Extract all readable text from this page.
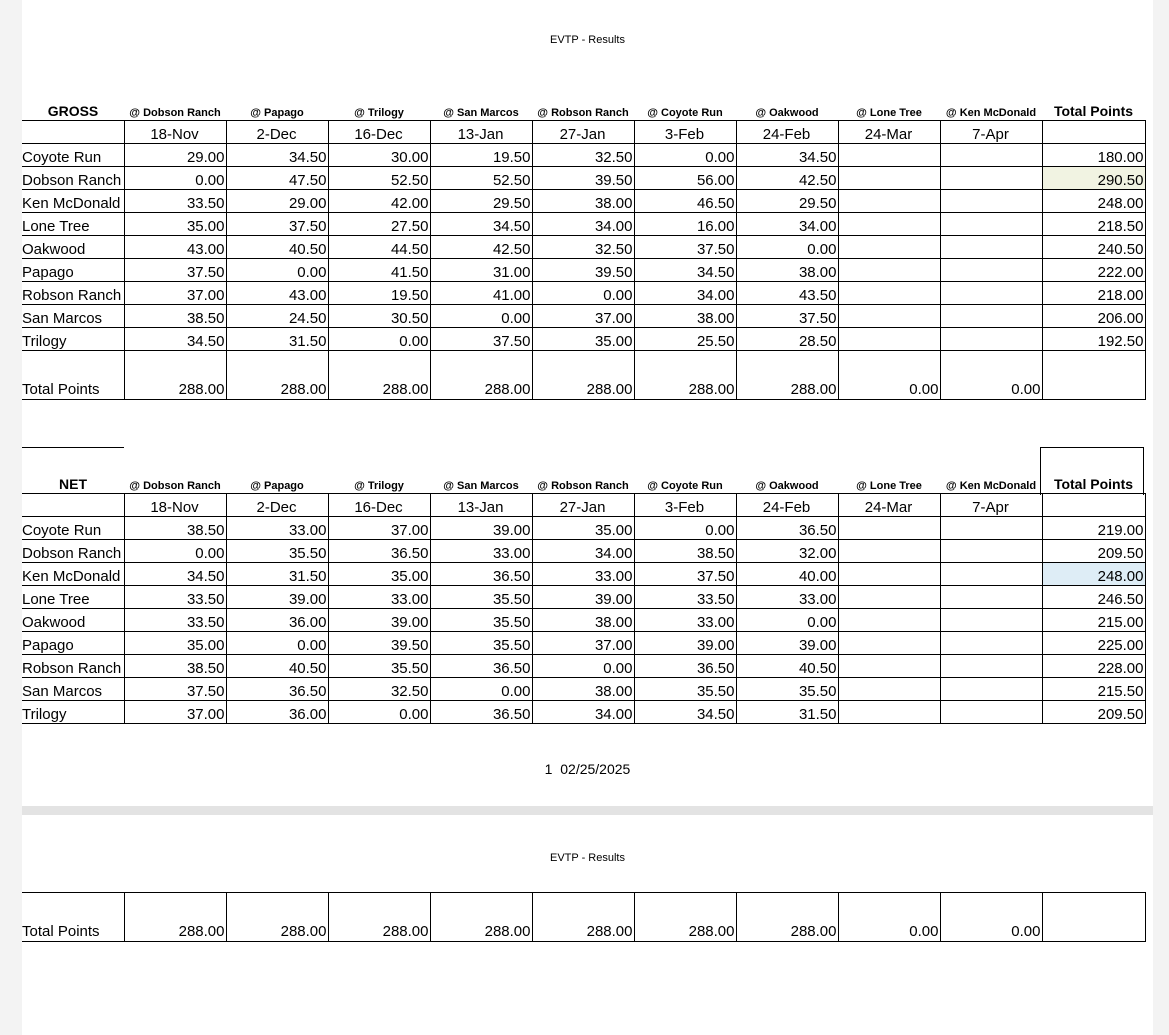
EVTP - Results
GROSS	@ Dobson Ranch	@ Papago	@ Trilogy	@ San Marcos	@ Robson Ranch	@ Coyote Run	@ Oakwood	@ Lone Tree	@ Ken McDonald	Total Points
	18-Nov	2-Dec	16-Dec	13-Jan	27-Jan	3-Feb	24-Feb	24-Mar	7-Apr	
Coyote Run	29.00	34.50	30.00	19.50	32.50	0.00	34.50			180.00
Dobson Ranch	0.00	47.50	52.50	52.50	39.50	56.00	42.50			290.50
Ken McDonald	33.50	29.00	42.00	29.50	38.00	46.50	29.50			248.00
Lone Tree	35.00	37.50	27.50	34.50	34.00	16.00	34.00			218.50
Oakwood	43.00	40.50	44.50	42.50	32.50	37.50	0.00			240.50
Papago	37.50	0.00	41.50	31.00	39.50	34.50	38.00			222.00
Robson Ranch	37.00	43.00	19.50	41.00	0.00	34.00	43.50			218.00
San Marcos	38.50	24.50	30.50	0.00	37.00	38.00	37.50			206.00
Trilogy	34.50	31.50	0.00	37.50	35.00	25.50	28.50			192.50
Total Points	288.00	288.00	288.00	288.00	288.00	288.00	288.00	0.00	0.00	
NET	@ Dobson Ranch	@ Papago	@ Trilogy	@ San Marcos	@ Robson Ranch	@ Coyote Run	@ Oakwood	@ Lone Tree	@ Ken McDonald	Total Points
	18-Nov	2-Dec	16-Dec	13-Jan	27-Jan	3-Feb	24-Feb	24-Mar	7-Apr	
Coyote Run	38.50	33.00	37.00	39.00	35.00	0.00	36.50			219.00
Dobson Ranch	0.00	35.50	36.50	33.00	34.00	38.50	32.00			209.50
Ken McDonald	34.50	31.50	35.00	36.50	33.00	37.50	40.00			248.00
Lone Tree	33.50	39.00	33.00	35.50	39.00	33.50	33.00			246.50
Oakwood	33.50	36.00	39.00	35.50	38.00	33.00	0.00			215.00
Papago	35.00	0.00	39.50	35.50	37.00	39.00	39.00			225.00
Robson Ranch	38.50	40.50	35.50	36.50	0.00	36.50	40.50			228.00
San Marcos	37.50	36.50	32.50	0.00	38.00	35.50	35.50			215.50
Trilogy	37.00	36.00	0.00	36.50	34.00	34.50	31.50			209.50
1 02/25/2025
EVTP - Results
Total Points	288.00	288.00	288.00	288.00	288.00	288.00	288.00	0.00	0.00	
